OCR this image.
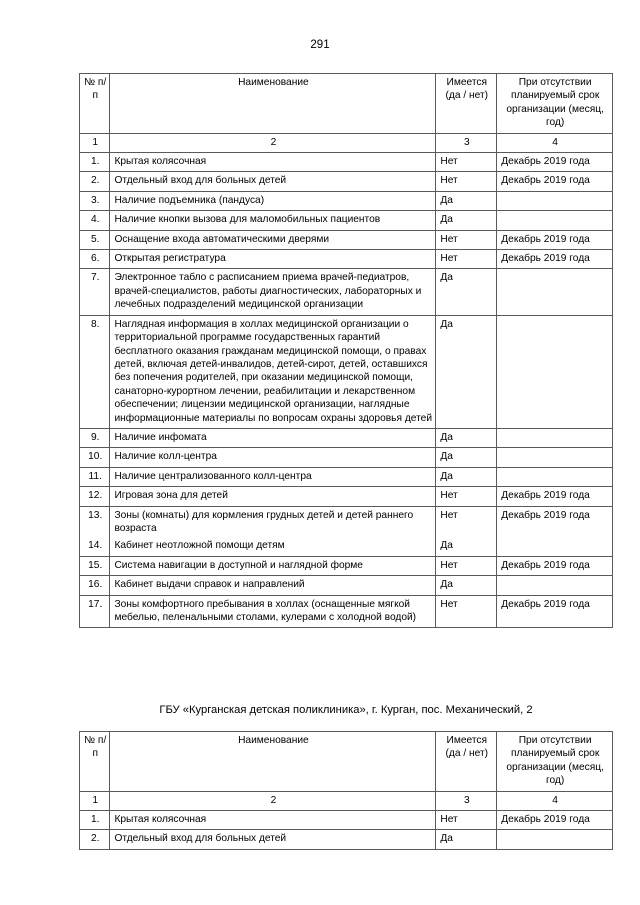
291
№ п/п	Наименование	Имеется (да / нет)	При отсутствии планируемый срок организации (месяц, год)
1	2	3	4
1.	Крытая колясочная	Нет	Декабрь 2019 года
2.	Отдельный вход для больных детей	Нет	Декабрь 2019 года
3.	Наличие подъемника (пандуса)	Да	
4.	Наличие кнопки вызова для маломобильных пациентов	Да	
5.	Оснащение входа автоматическими дверями	Нет	Декабрь 2019 года
6.	Открытая регистратура	Нет	Декабрь 2019 года
7.	Электронное табло с расписанием приема врачей-педиатров, врачей-специалистов, работы диагностических, лабораторных и лечебных подразделений медицинской организации	Да	
8.	Наглядная информация в холлах медицинской организации о территориальной программе государственных гарантий бесплатного оказания гражданам медицинской помощи, о правах детей, включая детей-инвалидов, детей-сирот, детей, оставшихся без попечения родителей, при оказании медицинской помощи, санаторно-курортном лечении, реабилитации и лекарственном обеспечении; лицензии медицинской организации, наглядные информационные материалы по вопросам охраны здоровья детей	Да	
9.	Наличие инфомата	Да	
10.	Наличие колл-центра	Да	
11.	Наличие централизованного колл-центра	Да	
12.	Игровая зона для детей	Нет	Декабрь 2019 года
13.	Зоны (комнаты) для кормления грудных детей и детей раннего возраста	Нет	Декабрь 2019 года
14.	Кабинет неотложной помощи детям	Да	
15.	Система навигации в доступной и наглядной форме	Нет	Декабрь 2019 года
16.	Кабинет выдачи справок и направлений	Да	
17.	Зоны комфортного пребывания в холлах (оснащенные мягкой мебелью, пеленальными столами, кулерами с холодной водой)	Нет	Декабрь 2019 года
ГБУ «Курганская детская поликлиника», г. Курган, пос. Механический, 2
№ п/п	Наименование	Имеется (да / нет)	При отсутствии планируемый срок организации (месяц, год)
1	2	3	4
1.	Крытая колясочная	Нет	Декабрь 2019 года
2.	Отдельный вход для больных детей	Да	
